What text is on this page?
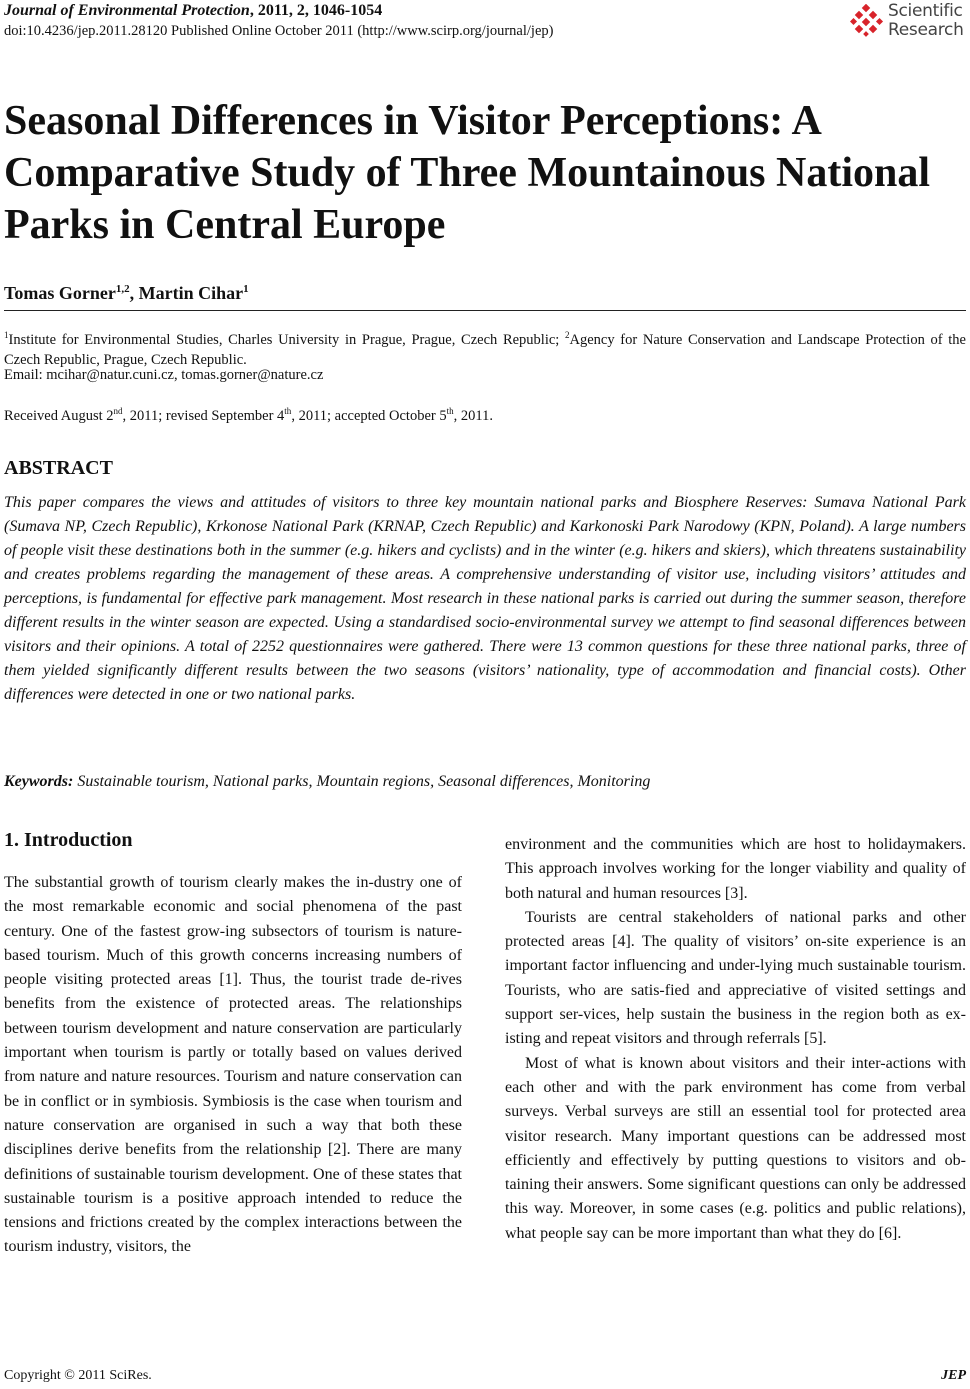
Journal of Environmental Protection, 2011, 2, 1046-1054
doi:10.4236/jep.2011.28120 Published Online October 2011 (http://www.scirp.org/journal/jep)
Scientific
Research
Seasonal Differences in Visitor Perceptions: A Comparative Study of Three Mountainous National Parks in Central Europe
Tomas Gorner$^{1,2}$, Martin Cihar$^1$
$^1$Institute for Environmental Studies, Charles University in Prague, Prague, Czech Republic; $^2$Agency for Nature Conservation and Landscape Protection of the Czech Republic, Prague, Czech Republic.
Email: mcihar@natur.cuni.cz, tomas.gorner@nature.cz
Received August 2nd, 2011; revised September 4th, 2011; accepted October 5th, 2011.
ABSTRACT

This paper compares the views and attitudes of visitors to three key mountain national parks and Biosphere Reserves: Sumava National Park (Sumava NP, Czech Republic), Krkonose National Park (KRNAP, Czech Republic) and Karkonoski Park Narodowy (KPN, Poland). A large numbers of people visit these destinations both in the summer (e.g. hikers and cyclists) and in the winter (e.g. hikers and skiers), which threatens sustainability and creates problems regarding the management of these areas. A comprehensive understanding of visitor use, including visitors’ attitudes and perceptions, is fundamental for effective park management. Most research in these national parks is carried out during the summer season, therefore different results in the winter season are expected. Using a standardised socio-environmental survey we attempt to find seasonal differences between visitors and their opinions. A total of 2252 questionnaires were gathered. There were 13 common questions for these three national parks, three of them yielded significantly different results between the two seasons (visitors’ nationality, type of accommodation and financial costs). Other differences were detected in one or two national parks.

Keywords: Sustainable tourism, National parks, Mountain regions, Seasonal differences, Monitoring
1. Introduction

The substantial growth of tourism clearly makes the in-dustry one of the most remarkable economic and social phenomena of the past century. One of the fastest grow-ing subsectors of tourism is nature-based tourism. Much of this growth concerns increasing numbers of people visiting protected areas [1]. Thus, the tourist trade de-rives benefits from the existence of protected areas. The relationships between tourism development and nature conservation are particularly important when tourism is partly or totally based on values derived from nature and nature resources. Tourism and nature conservation can be in conflict or in symbiosis. Symbiosis is the case when tourism and nature conservation are organised in such a way that both these disciplines derive benefits from the relationship [2]. There are many definitions of sustainable tourism development. One of these states that sustainable tourism is a positive approach intended to reduce the tensions and frictions created by the complex interactions between the tourism industry, visitors, the

environment and the communities which are host to holidaymakers. This approach involves working for the longer viability and quality of both natural and human resources [3].

Tourists are central stakeholders of national parks and other protected areas [4]. The quality of visitors’ on-site experience is an important factor influencing and under-lying much sustainable tourism. Tourists, who are satis-fied and appreciative of visited settings and support ser-vices, help sustain the business in the region both as ex-isting and repeat visitors and through referrals [5].

Most of what is known about visitors and their inter-actions with each other and with the park environment has come from verbal surveys. Verbal surveys are still an essential tool for protected area visitor research. Many important questions can be addressed most efficiently and effectively by putting questions to visitors and ob-taining their answers. Some significant questions can only be addressed this way. Moreover, in some cases (e.g. politics and public relations), what people say can be more important than what they do [6].

Copyright © 2011 SciRes.	JEP
